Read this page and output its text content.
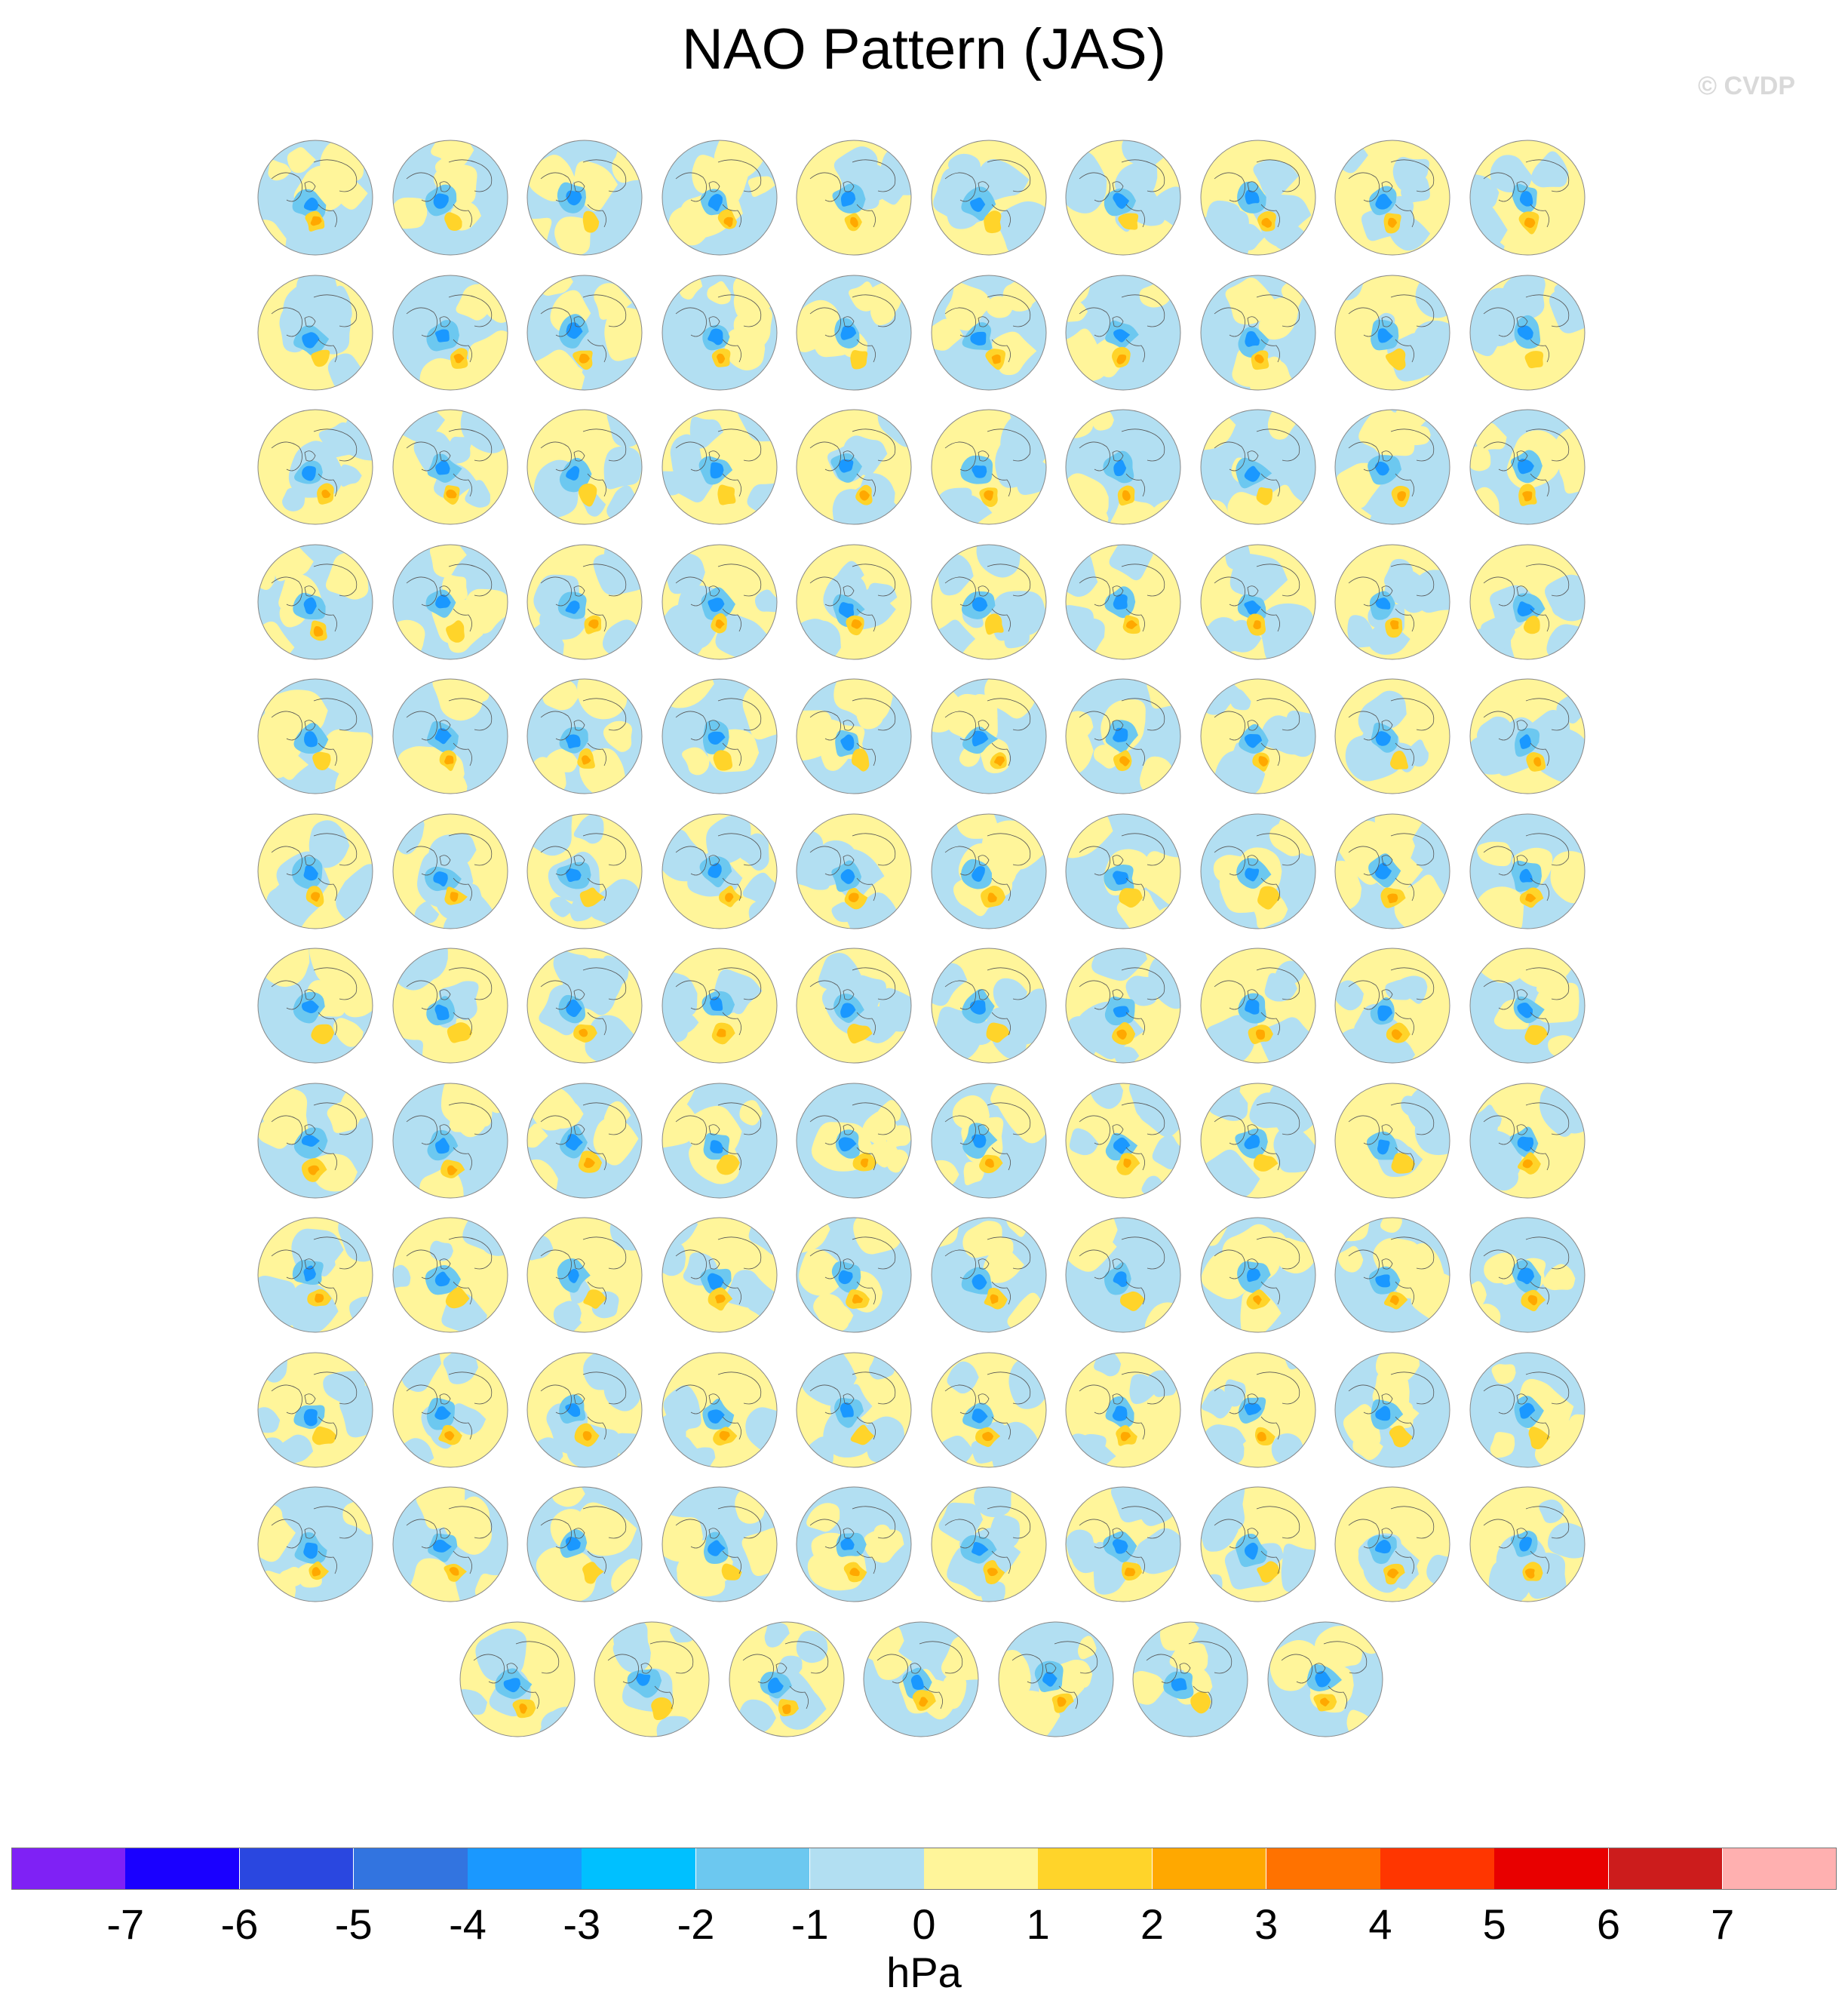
NAO Pattern (JAS)
© CVDP
-7 -6 -5 -4 -3 -2 -1	0	1	2	3	4	5	6	7
hPa
